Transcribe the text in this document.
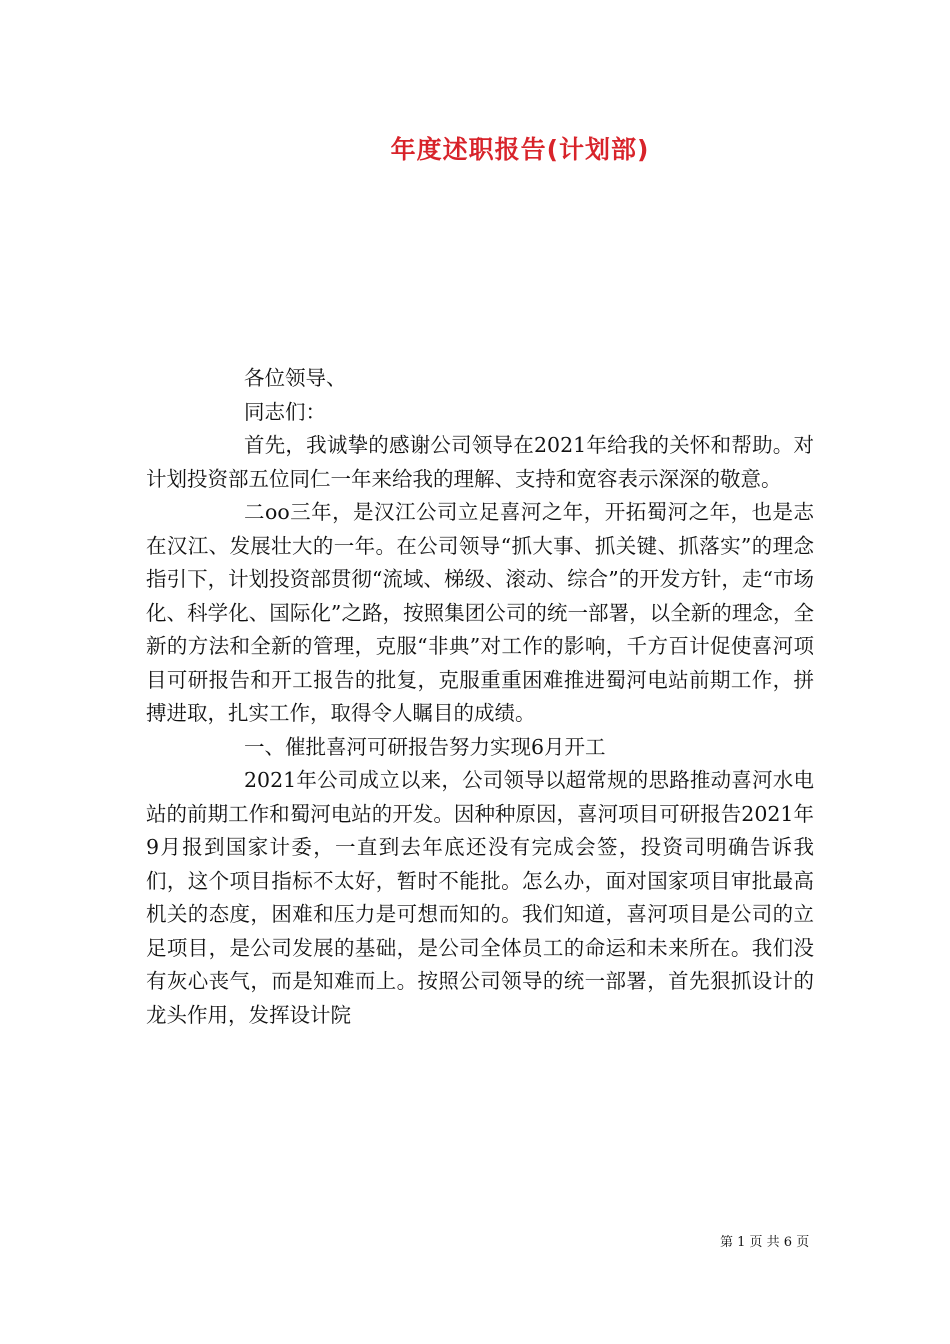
年度述职报告(计划部)

各位领导、

同志们：

首先，我诚挚的感谢公司领导在2021年给我的关怀和帮助。对计划投资部五位同仁一年来给我的理解、支持和宽容表示深深的敬意。

二oo三年，是汉江公司立足喜河之年，开拓蜀河之年，也是志在汉江、发展壮大的一年。在公司领导“抓大事、抓关键、抓落实”的理念指引下，计划投资部贯彻“流域、梯级、滚动、综合”的开发方针，走“市场化、科学化、国际化”之路，按照集团公司的统一部署，以全新的理念，全新的方法和全新的管理，克服“非典”对工作的影响，千方百计促使喜河项目可研报告和开工报告的批复，克服重重困难推进蜀河电站前期工作，拼搏进取，扎实工作，取得令人瞩目的成绩。

一、催批喜河可研报告努力实现6月开工

2021年公司成立以来，公司领导以超常规的思路推动喜河水电站的前期工作和蜀河电站的开发。因种种原因，喜河项目可研报告2021年9月报到国家计委，一直到去年底还没有完成会签，投资司明确告诉我们，这个项目指标不太好，暂时不能批。怎么办，面对国家项目审批最高机关的态度，困难和压力是可想而知的。我们知道，喜河项目是公司的立足项目，是公司发展的基础，是公司全体员工的命运和未来所在。我们没有灰心丧气，而是知难而上。按照公司领导的统一部署，首先狠抓设计的龙头作用，发挥设计院

第 1 页 共 6 页
